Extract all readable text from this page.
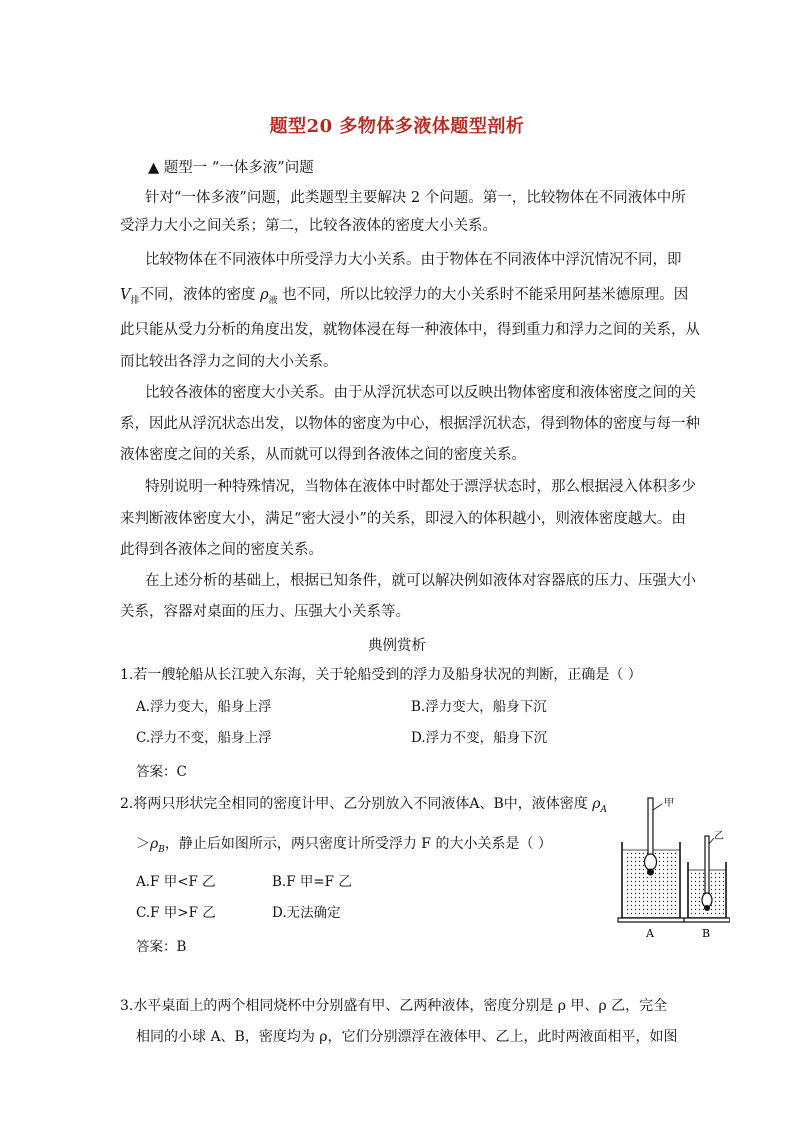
题型20 多物体多液体题型剖析
▲ 题型一 “一体多液”问题
针对“一体多液”问题，此类题型主要解决 2 个问题。第一，比较物体在不同液体中所
受浮力大小之间关系；第二，比较各液体的密度大小关系。
比较物体在不同液体中所受浮力大小关系。由于物体在不同液体中浮沉情况不同，即
$V_排$不同，液体的密度 $\rho_液$ 也不同，所以比较浮力的大小关系时不能采用阿基米德原理。因
此只能从受力分析的角度出发，就物体浸在每一种液体中，得到重力和浮力之间的关系，从
而比较出各浮力之间的大小关系。
比较各液体的密度大小关系。由于从浮沉状态可以反映出物体密度和液体密度之间的关
系，因此从浮沉状态出发，以物体的密度为中心，根据浮沉状态，得到物体的密度与每一种
液体密度之间的关系，从而就可以得到各液体之间的密度关系。
特别说明一种特殊情况，当物体在液体中时都处于漂浮状态时，那么根据浸入体积多少
来判断液体密度大小，满足“密大浸小”的关系，即浸入的体积越小，则液体密度越大。由
此得到各液体之间的密度关系。
在上述分析的基础上，根据已知条件，就可以解决例如液体对容器底的压力、压强大小
关系，容器对桌面的压力、压强大小关系等。
典例赏析
1.若一艘轮船从长江驶入东海，关于轮船受到的浮力及船身状况的判断，正确是（ ）
A.浮力变大，船身上浮	B.浮力变大，船身下沉
C.浮力不变，船身上浮	D.浮力不变，船身下沉
答案：C
2.将两只形状完全相同的密度计甲、乙分别放入不同液体A、B中，液体密度 $\rho_A$
$>\rho_B$，静止后如图所示，两只密度计所受浮力 F 的大小关系是（ ）
A.F 甲<F 乙	B.F 甲=F 乙
C.F 甲>F 乙	D.无法确定
答案：B
甲
乙
A	B
3.水平桌面上的两个相同烧杯中分别盛有甲、乙两种液体，密度分别是 ρ 甲、ρ 乙，完全
相同的小球 A、B，密度均为 ρ，它们分别漂浮在液体甲、乙上，此时两液面相平，如图
